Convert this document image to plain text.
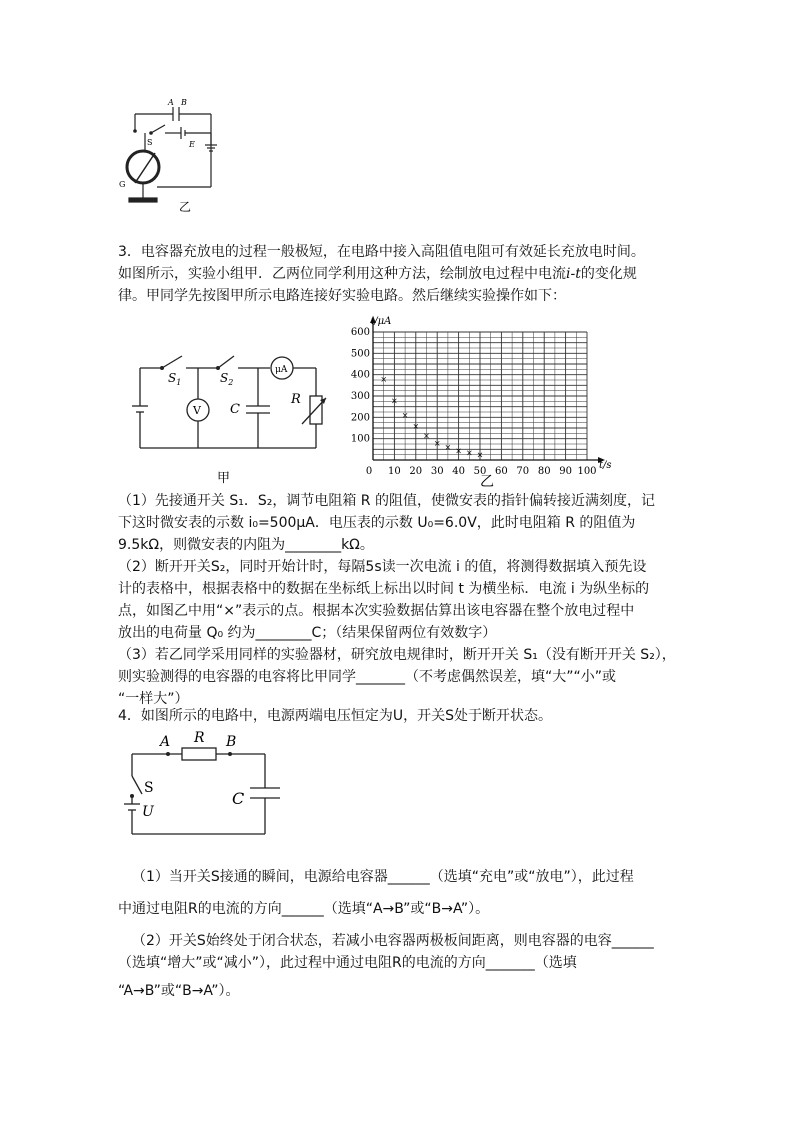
A B
S	E
G
乙
3．电容器充放电的过程一般极短，在电路中接入高阻值电阻可有效延长充放电时间。
如图所示，实验小组甲．乙两位同学利用这种方法，绘制放电过程中电流i-t的变化规
律。甲同学先按图甲所示电路连接好实验电路。然后继续实验操作如下：
$S_1$	$S_2$
V C
R
μA
甲
100
200
300
400
500
600
0 10 20 30 40 50 60 70 80 90 100
×
×
×
×
×
× × × × ×
i/μA
t/s
乙
（1）先接通开关 S₁．S₂，调节电阻箱 R 的阻值，使微安表的指针偏转接近满刻度，记
下这时微安表的示数 i₀=500μA．电压表的示数 U₀=6.0V，此时电阻箱 R 的阻值为
9.5kΩ，则微安表的内阻为________kΩ。
（2）断开开关S₂，同时开始计时，每隔5s读一次电流 i 的值，将测得数据填入预先设
计的表格中，根据表格中的数据在坐标纸上标出以时间 t 为横坐标．电流 i 为纵坐标的
点，如图乙中用“×”表示的点。根据本次实验数据估算出该电容器在整个放电过程中
放出的电荷量 Q₀ 约为________C；（结果保留两位有效数字）
（3）若乙同学采用同样的实验器材，研究放电规律时，断开开关 S₁（没有断开开关 S₂），
则实验测得的电容器的电容将比甲同学_______（不考虑偶然误差，填“大”“小”或
“一样大”）
4．如图所示的电路中，电源两端电压恒定为U，开关S处于断开状态。
A R B
S
U
C
（1）当开关S接通的瞬间，电源给电容器______（选填“充电”或“放电”），此过程
中通过电阻R的电流的方向______（选填“A→B”或“B→A”）。
（2）开关S始终处于闭合状态，若减小电容器两极板间距离，则电容器的电容______
（选填“增大”或“减小”），此过程中通过电阻R的电流的方向_______（选填
“A→B”或“B→A”）。
